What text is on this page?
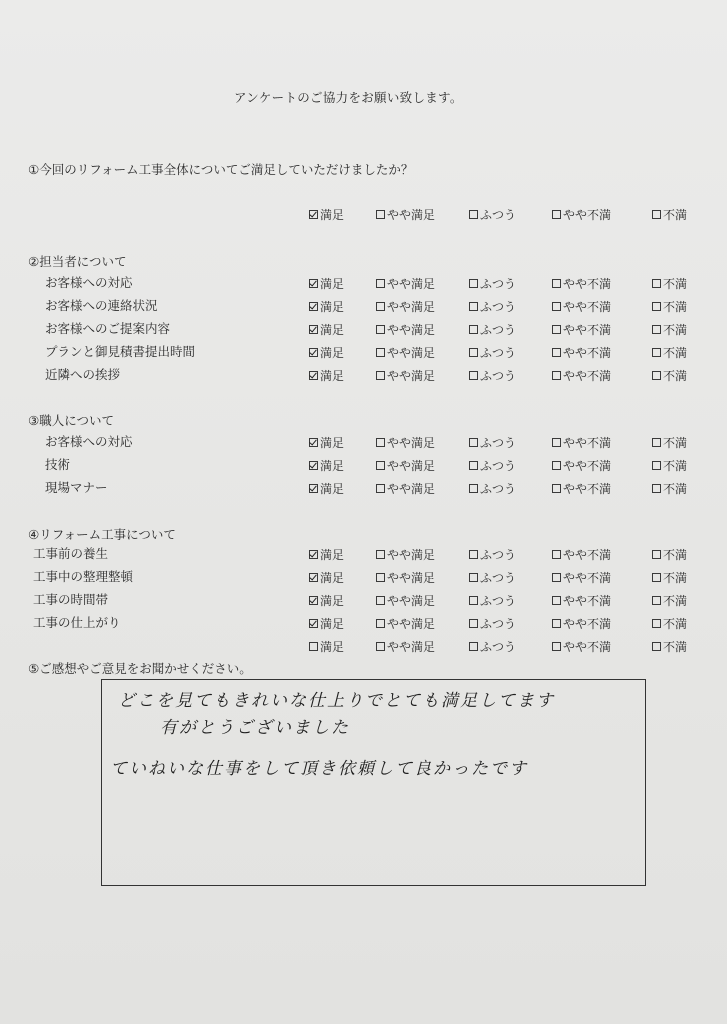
アンケートのご協力をお願い致します。
①今回のリフォーム工事全体についてご満足していただけましたか？
②担当者について
③職人について
④リフォーム工事について
⑤ご感想やご意見をお聞かせください。
満足	やや満足	ふつう	やや不満	不満
お客様への対応	満足	やや満足	ふつう	やや不満	不満
お客様への連絡状況	満足	やや満足	ふつう	やや不満	不満
お客様へのご提案内容	満足	やや満足	ふつう	やや不満	不満
プランと御見積書提出時間	満足	やや満足	ふつう	やや不満	不満
近隣への挨拶	満足	やや満足	ふつう	やや不満	不満
お客様への対応	満足	やや満足	ふつう	やや不満	不満
技術	満足	やや満足	ふつう	やや不満	不満
現場マナー	満足	やや満足	ふつう	やや不満	不満
工事前の養生	満足	やや満足	ふつう	やや不満	不満
工事中の整理整頓	満足	やや満足	ふつう	やや不満	不満
工事の時間帯	満足	やや満足	ふつう	やや不満	不満
工事の仕上がり	満足	やや満足	ふつう	やや不満	不満
満足	やや満足	ふつう	やや不満	不満
どこを見てもきれいな仕上りでとても満足してます
有がとうございました
ていねいな仕事をして頂き依頼して良かったです
